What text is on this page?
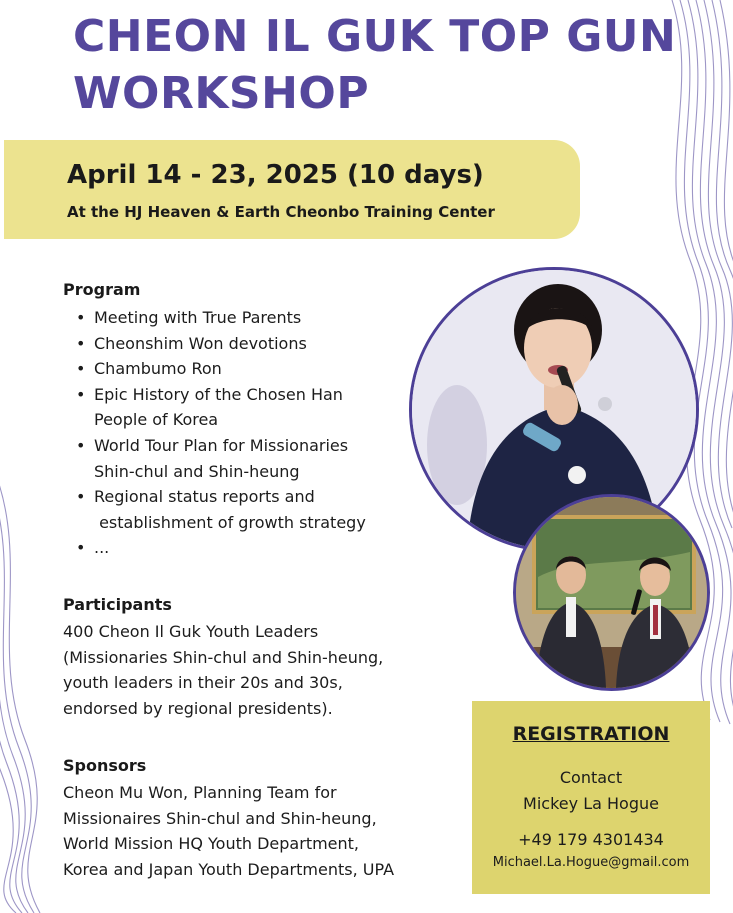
CHEON IL GUK TOP GUN
WORKSHOP
April 14 - 23, 2025 (10 days)
At the HJ Heaven & Earth Cheonbo Training Center
Program
• Meeting with True Parents
• Cheonshim Won devotions
• Chambumo Ron
• Epic History of the Chosen Han
People of Korea
• World Tour Plan for Missionaries
Shin-chul and Shin-heung
• Regional status reports and
establishment of growth strategy
• ...
Participants

400 Cheon Il Guk Youth Leaders
(Missionaries Shin-chul and Shin-heung,
youth leaders in their 20s and 30s,
endorsed by regional presidents).

Sponsors

Cheon Mu Won, Planning Team for
Missionaires Shin-chul and Shin-heung,
World Mission HQ Youth Department,
Korea and Japan Youth Departments, UPA

REGISTRATION
Contact
Mickey La Hogue
+49 179 4301434
Michael.La.Hogue@gmail.com
